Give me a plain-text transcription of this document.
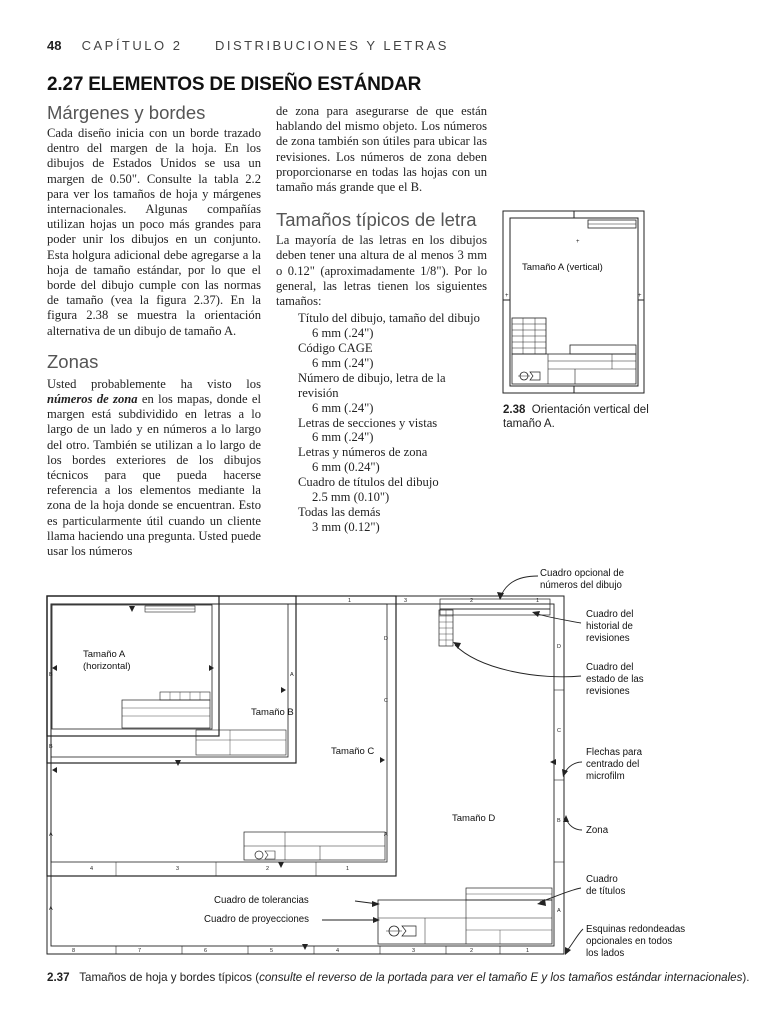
48 CAPÍTULO 2 DISTRIBUCIONES Y LETRAS
2.27 ELEMENTOS DE DISEÑO ESTÁNDAR
Márgenes y bordes

Cada diseño inicia con un borde trazado dentro del margen de la hoja. En los dibujos de Estados Unidos se usa un margen de 0.50". Consulte la tabla 2.2 para ver los tamaños de hoja y márgenes internacionales. Algunas compañías utilizan hojas un poco más grandes para poder unir los dibujos en un conjunto. Esta holgura adicional debe agregarse a la hoja de tamaño estándar, por lo que el borde del dibujo cumple con las normas de tamaño (vea la figura 2.37). En la figura 2.38 se muestra la orientación alternativa de un dibujo de tamaño A.

Zonas

Usted probablemente ha visto los números de zona en los mapas, donde el margen está subdividido en letras a lo largo de un lado y en números a lo largo del otro. También se utilizan a lo largo de los bordes exteriores de los dibujos técnicos para que pueda hacerse referencia a los elementos mediante la zona de la hoja donde se encuentran. Esto es particularmente útil cuando un cliente llama haciendo una pregunta. Usted puede usar los números

de zona para asegurarse de que están hablando del mismo objeto. Los números de zona también son útiles para ubicar las revisiones. Los números de zona deben proporcionarse en todas las hojas con un tamaño más grande que el B.

Tamaños típicos de letra

La mayoría de las letras en los dibujos deben tener una altura de al menos 3 mm o 0.12" (aproximadamente 1/8"). Por lo general, las letras tienen los siguientes tamaños:

Título del dibujo, tamaño del dibujo
6 mm (.24")
Código CAGE
6 mm (.24")
Número de dibujo, letra de la revisión
6 mm (.24")
Letras de secciones y vistas
6 mm (.24")
Letras y números de zona
6 mm (0.24")
Cuadro de títulos del dibujo
2.5 mm (0.10")
Todas las demás
3 mm (0.12")
+
+	+
Tamaño A (vertical)
2.38 Orientación vertical del tamaño A.
8	7	6	5	4	3	2	1
4	3	2	1
1	3	2	1
A
B
C
D
A
A
B
A
C
D
A
B
Tamaño A
(horizontal)
Tamaño B
Tamaño C
Tamaño D
Cuadro opcional de
números del dibujo
Cuadro del
historial de
revisiones
Cuadro del
estado de las
revisiones
Flechas para
centrado del
microfilm
Zona
Cuadro
de títulos
Esquinas redondeadas
opcionales en todos
los lados
Cuadro de tolerancias
Cuadro de proyecciones
2.37 Tamaños de hoja y bordes típicos (consulte el reverso de la portada para ver el tamaño E y los tamaños estándar internacionales).
